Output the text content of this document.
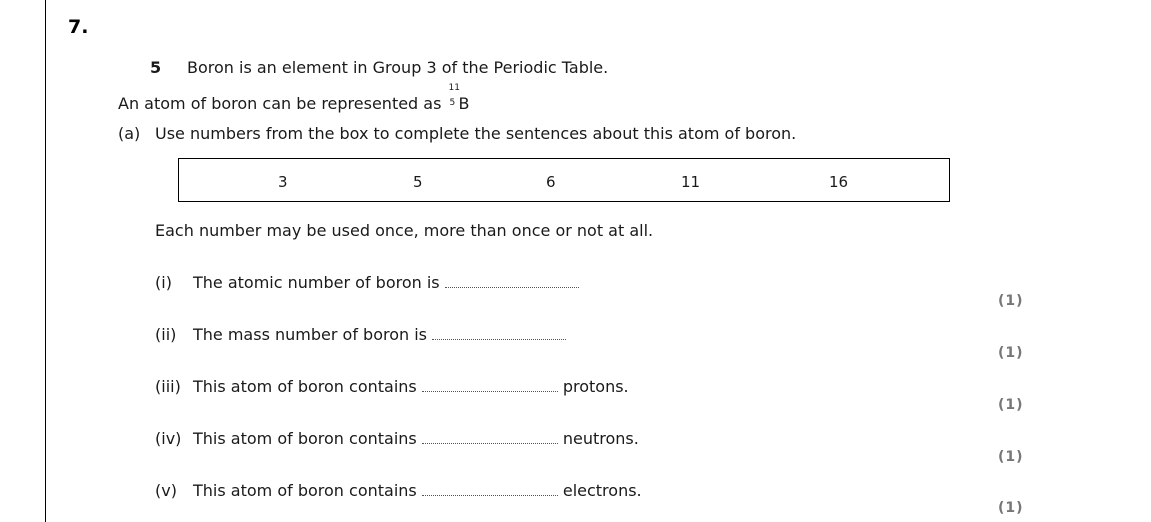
7.
5 Boron is an element in Group 3 of the Periodic Table.
An atom of boron can be represented as
11
5 B
(a) Use numbers from the box to complete the sentences about this atom of boron.
3	5	6	11	16
Each number may be used once, more than once or not at all.
(i) The atomic number of boron is
(1)
(ii) The mass number of boron is
(1)
(iii) This atom of boron contains	protons.
(1)
(iv) This atom of boron contains	neutrons.
(1)
(v) This atom of boron contains	electrons.
(1)
